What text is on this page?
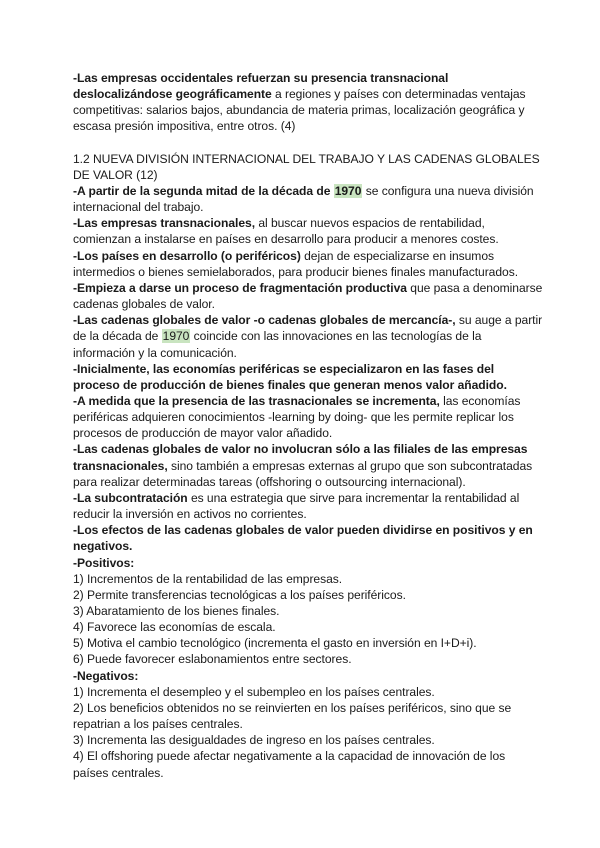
-Las empresas occidentales refuerzan su presencia transnacional deslocalizándose geográficamente a regiones y países con determinadas ventajas competitivas: salarios bajos, abundancia de materia primas, localización geográfica y escasa presión impositiva, entre otros. (4)

1.2 NUEVA DIVISIÓN INTERNACIONAL DEL TRABAJO Y LAS CADENAS GLOBALES DE VALOR (12)

-A partir de la segunda mitad de la década de 1970 se configura una nueva división internacional del trabajo.

-Las empresas transnacionales, al buscar nuevos espacios de rentabilidad, comienzan a instalarse en países en desarrollo para producir a menores costes.

-Los países en desarrollo (o periféricos) dejan de especializarse en insumos intermedios o bienes semielaborados, para producir bienes finales manufacturados.

-Empieza a darse un proceso de fragmentación productiva que pasa a denominarse cadenas globales de valor.

-Las cadenas globales de valor -o cadenas globales de mercancía-, su auge a partir de la década de 1970 coincide con las innovaciones en las tecnologías de la información y la comunicación.

-Inicialmente, las economías periféricas se especializaron en las fases del proceso de producción de bienes finales que generan menos valor añadido.

-A medida que la presencia de las trasnacionales se incrementa, las economías periféricas adquieren conocimientos -learning by doing- que les permite replicar los procesos de producción de mayor valor añadido.

-Las cadenas globales de valor no involucran sólo a las filiales de las empresas transnacionales, sino también a empresas externas al grupo que son subcontratadas para realizar determinadas tareas (offshoring o outsourcing internacional).

-La subcontratación es una estrategia que sirve para incrementar la rentabilidad al reducir la inversión en activos no corrientes.

-Los efectos de las cadenas globales de valor pueden dividirse en positivos y en negativos.

-Positivos:

1) Incrementos de la rentabilidad de las empresas.

2) Permite transferencias tecnológicas a los países periféricos.

3) Abaratamiento de los bienes finales.

4) Favorece las economías de escala.

5) Motiva el cambio tecnológico (incrementa el gasto en inversión en I+D+i).

6) Puede favorecer eslabonamientos entre sectores.

-Negativos:

1) Incrementa el desempleo y el subempleo en los países centrales.

2) Los beneficios obtenidos no se reinvierten en los países periféricos, sino que se repatrian a los países centrales.

3) Incrementa las desigualdades de ingreso en los países centrales.

4) El offshoring puede afectar negativamente a la capacidad de innovación de los países centrales.
